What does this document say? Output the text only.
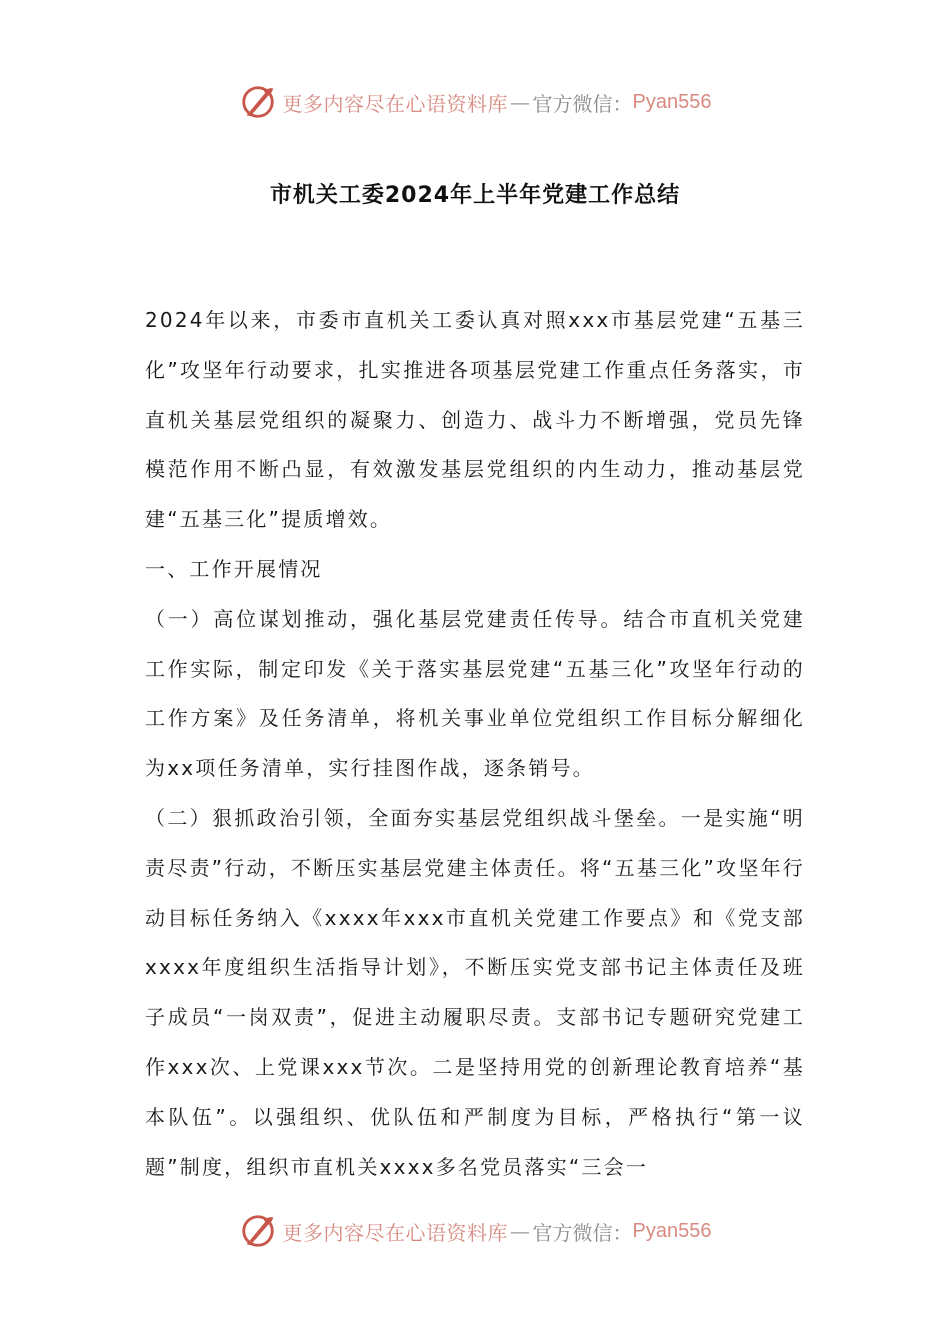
更多内容尽在心语资料库 — 官方微信： Pyan556
市机关工委2024年上半年党建工作总结

2024年以来，市委市直机关工委认真对照xxx市基层党建“五基三化”攻坚年行动要求，扎实推进各项基层党建工作重点任务落实，市直机关基层党组织的凝聚力、创造力、战斗力不断增强，党员先锋模范作用不断凸显，有效激发基层党组织的内生动力，推动基层党建“五基三化”提质增效。

一、工作开展情况

（一）高位谋划推动，强化基层党建责任传导。结合市直机关党建工作实际，制定印发《关于落实基层党建“五基三化”攻坚年行动的工作方案》及任务清单，将机关事业单位党组织工作目标分解细化为xx项任务清单，实行挂图作战，逐条销号。

（二）狠抓政治引领，全面夯实基层党组织战斗堡垒。一是实施“明责尽责”行动，不断压实基层党建主体责任。将“五基三化”攻坚年行动目标任务纳入《xxxx年xxx市直机关党建工作要点》和《党支部xxxx年度组织生活指导计划》，不断压实党支部书记主体责任及班子成员“一岗双责”，促进主动履职尽责。支部书记专题研究党建工作xxx次、上党课xxx节次。二是坚持用党的创新理论教育培养“基本队伍”。以强组织、优队伍和严制度为目标，严格执行“第一议题”制度，组织市直机关xxxx多名党员落实“三会一

更多内容尽在心语资料库 — 官方微信： Pyan556
